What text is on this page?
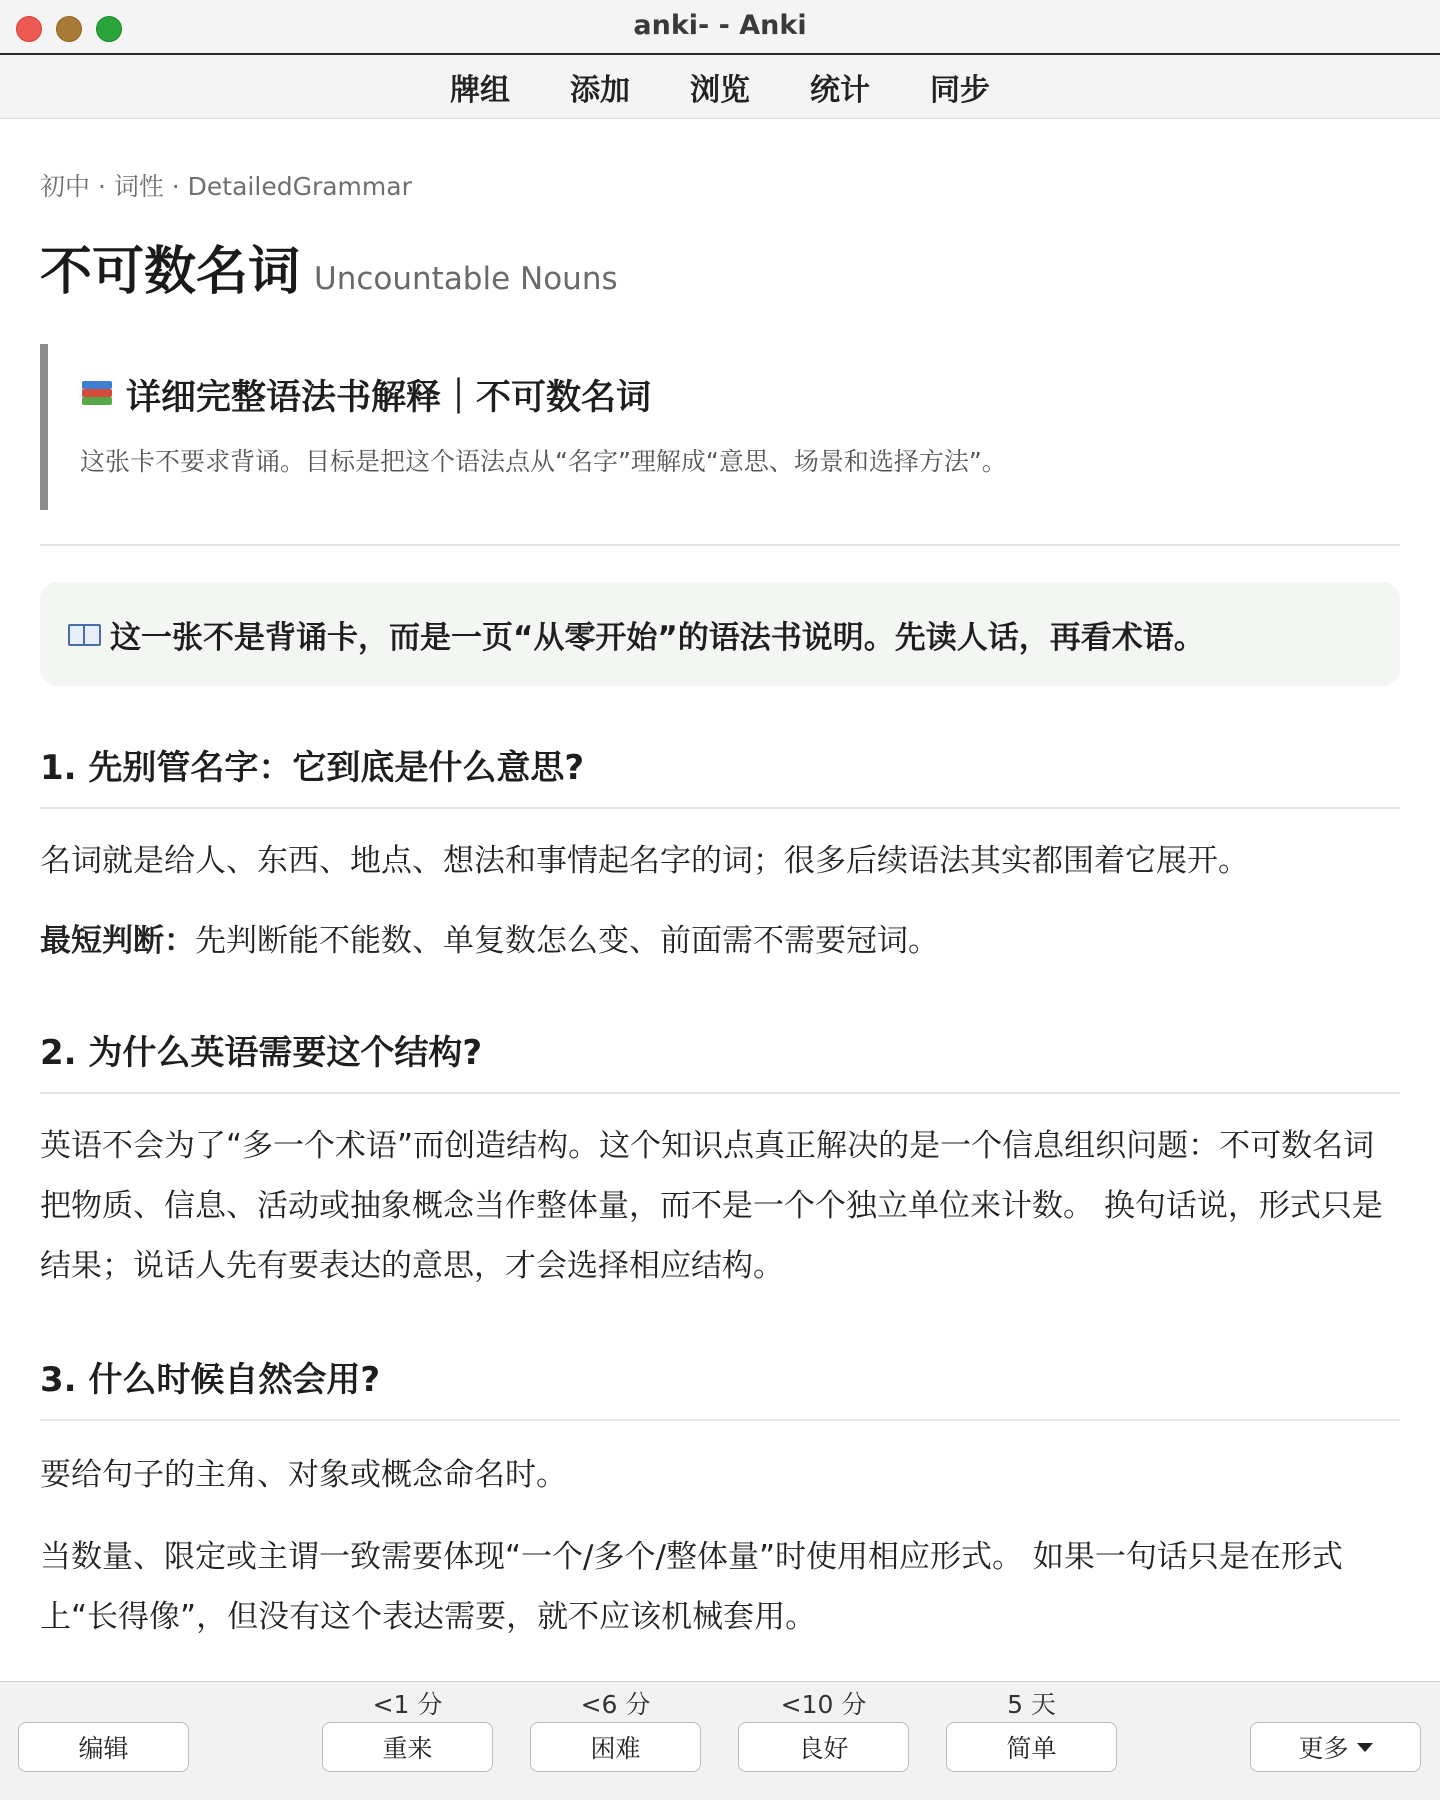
anki- - Anki
牌组 添加 浏览 统计 同步
初中 · 词性 · DetailedGrammar
不可数名词 Uncountable Nouns
详细完整语法书解释｜不可数名词
这张卡不要求背诵。目标是把这个语法点从“名字”理解成“意思、场景和选择方法”。
这一张不是背诵卡，而是一页“从零开始”的语法书说明。先读人话，再看术语。
1. 先别管名字：它到底是什么意思?
名词就是给人、东西、地点、想法和事情起名字的词；很多后续语法其实都围着它展开。
最短判断：先判断能不能数、单复数怎么变、前面需不需要冠词。
2. 为什么英语需要这个结构?
英语不会为了“多一个术语”而创造结构。这个知识点真正解决的是一个信息组织问题：不可数名词把物质、信息、活动或抽象概念当作整体量，而不是一个个独立单位来计数。 换句话说，形式只是结果；说话人先有要表达的意思，才会选择相应结构。
3. 什么时候自然会用?
要给句子的主角、对象或概念命名时。
当数量、限定或主谓一致需要体现“一个/多个/整体量”时使用相应形式。 如果一句话只是在形式上“长得像”，但没有这个表达需要，就不应该机械套用。
编辑
<1 分
重来
<6 分
困难
<10 分
良好
5 天
简单	更多
